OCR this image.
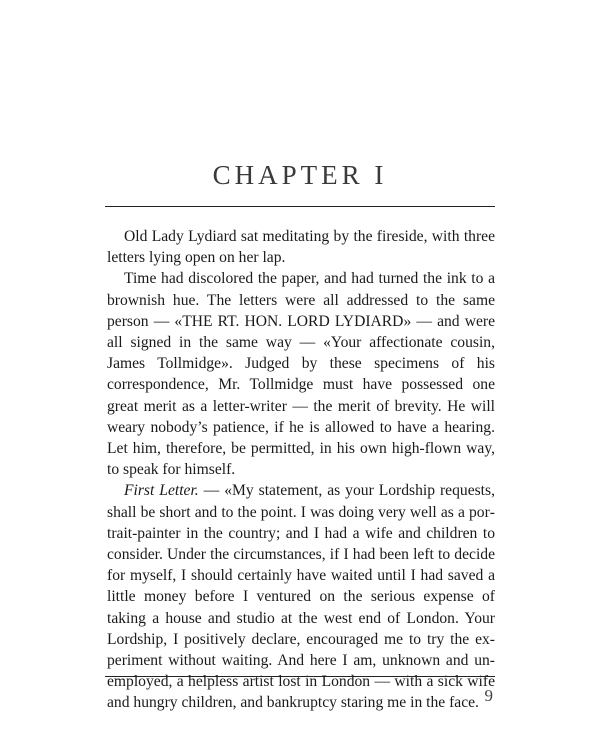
CHAPTER I

Old Lady Lydiard sat meditating by the fireside, with three letters lying open on her lap.

Time had discolored the paper, and had turned the ink to a brownish hue. The letters were all addressed to the same person — «THE RT. HON. LORD LYDIARD» — and were all signed in the same way — «Your affectionate cousin, James Tollmidge». Judged by these specimens of his correspondence, Mr. Tollmidge must have possessed one great merit as a letter-writer — the merit of brevity. He will weary nobody’s patience, if he is allowed to have a hearing. Let him, therefore, be permitted, in his own high-flown way, to speak for himself.

First Letter. — «My statement, as your Lordship requests, shall be short and to the point. I was doing very well as a portrait-painter in the country; and I had a wife and children to consider. Under the circumstances, if I had been left to decide for myself, I should certainly have waited until I had saved a little money before I ventured on the serious expense of taking a house and studio at the west end of London. Your Lordship, I positively declare, encouraged me to try the experiment without waiting. And here I am, unknown and unemployed, a helpless artist lost in London — with a sick wife and hungry children, and bankruptcy staring me in the face. 9
